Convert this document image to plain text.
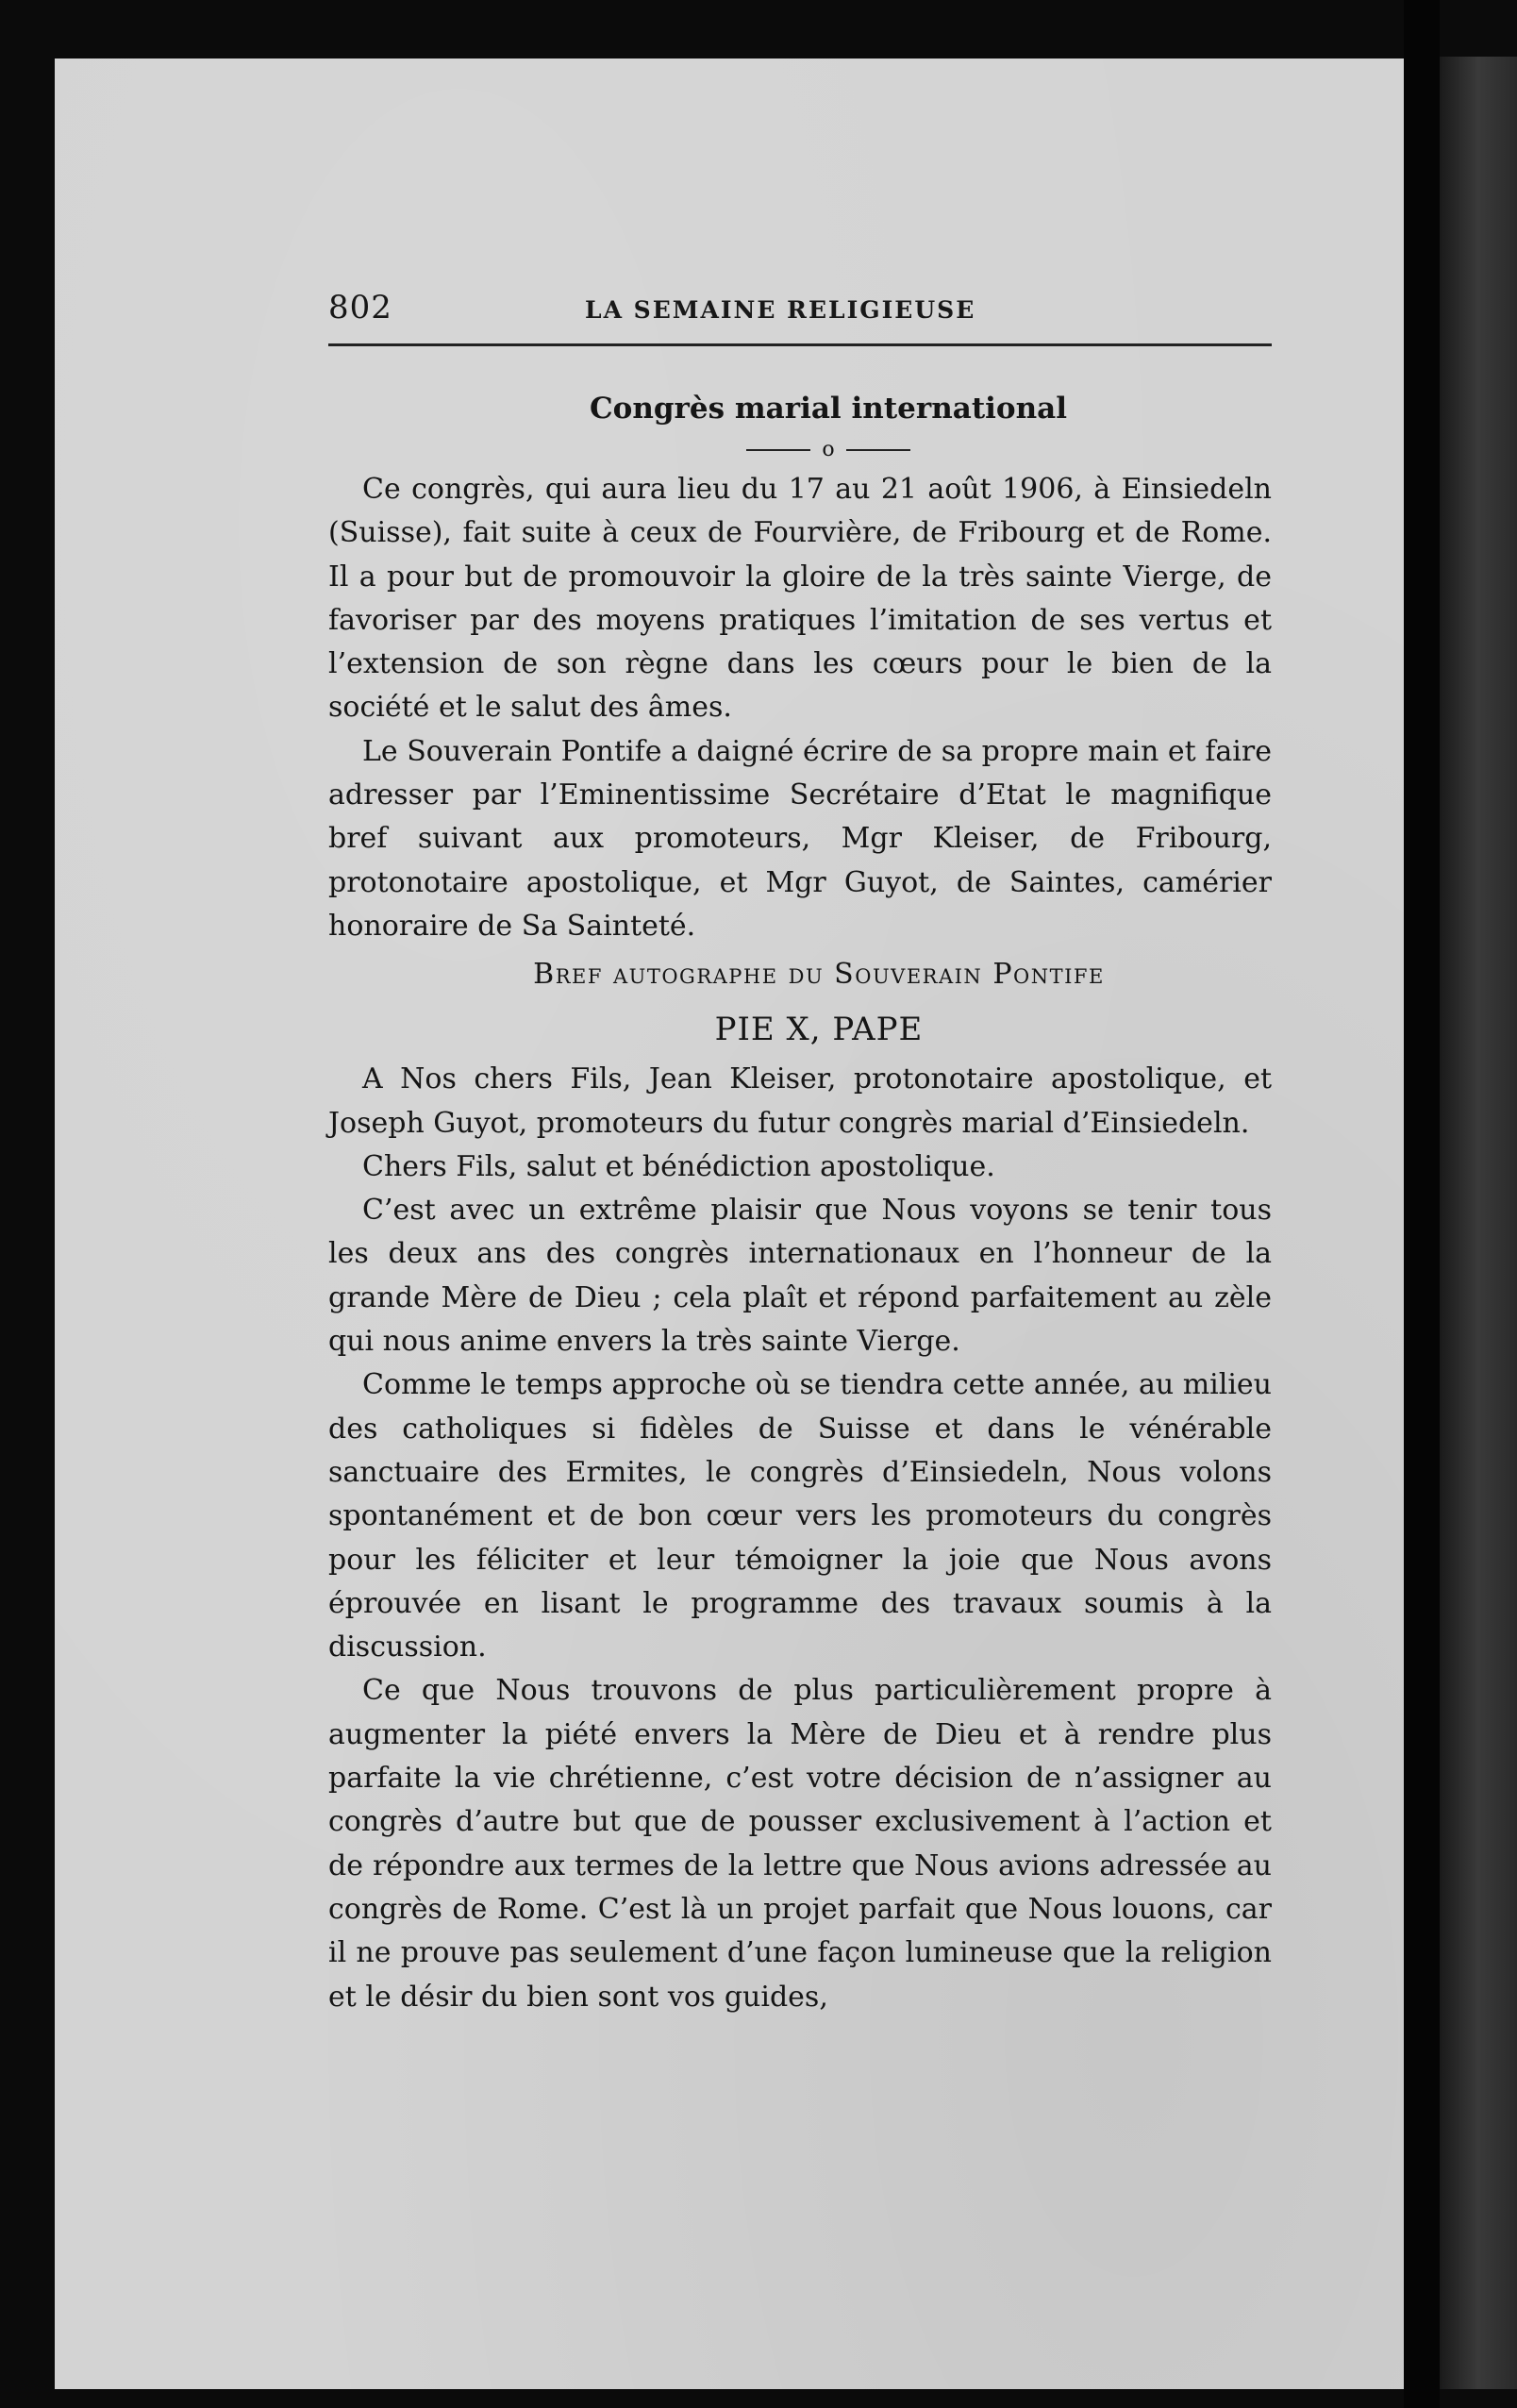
802	LA SEMAINE RELIGIEUSE
Congrès marial international
o

Ce congrès, qui aura lieu du 17 au 21 août 1906, à Einsiedeln (Suisse), fait suite à ceux de Fourvière, de Fribourg et de Rome. Il a pour but de promouvoir la gloire de la très sainte Vierge, de favoriser par des moyens pratiques l’imitation de ses vertus et l’extension de son règne dans les cœurs pour le bien de la société et le salut des âmes.

Le Souverain Pontife a daigné écrire de sa propre main et faire adresser par l’Eminentissime Secrétaire d’Etat le magnifique bref suivant aux promoteurs, Mgr Kleiser, de Fribourg, protonotaire apostolique, et Mgr Guyot, de Saintes, camérier honoraire de Sa Sainteté.

Bref autographe du Souverain Pontife
PIE X, PAPE

A Nos chers Fils, Jean Kleiser, protonotaire apostolique, et Joseph Guyot, promoteurs du futur congrès marial d’Einsiedeln.

Chers Fils, salut et bénédiction apostolique.

C’est avec un extrême plaisir que Nous voyons se tenir tous les deux ans des congrès internationaux en l’honneur de la grande Mère de Dieu ; cela plaît et répond parfaitement au zèle qui nous anime envers la très sainte Vierge.

Comme le temps approche où se tiendra cette année, au milieu des catholiques si fidèles de Suisse et dans le vénérable sanctuaire des Ermites, le congrès d’Einsiedeln, Nous volons spontanément et de bon cœur vers les promoteurs du congrès pour les féliciter et leur témoigner la joie que Nous avons éprouvée en lisant le programme des travaux soumis à la discussion.

Ce que Nous trouvons de plus particulièrement propre à augmenter la piété envers la Mère de Dieu et à rendre plus parfaite la vie chrétienne, c’est votre décision de n’assigner au congrès d’autre but que de pousser exclusivement à l’action et de répondre aux termes de la lettre que Nous avions adressée au congrès de Rome. C’est là un projet parfait que Nous louons, car il ne prouve pas seulement d’une façon lumineuse que la religion et le désir du bien sont vos guides,
